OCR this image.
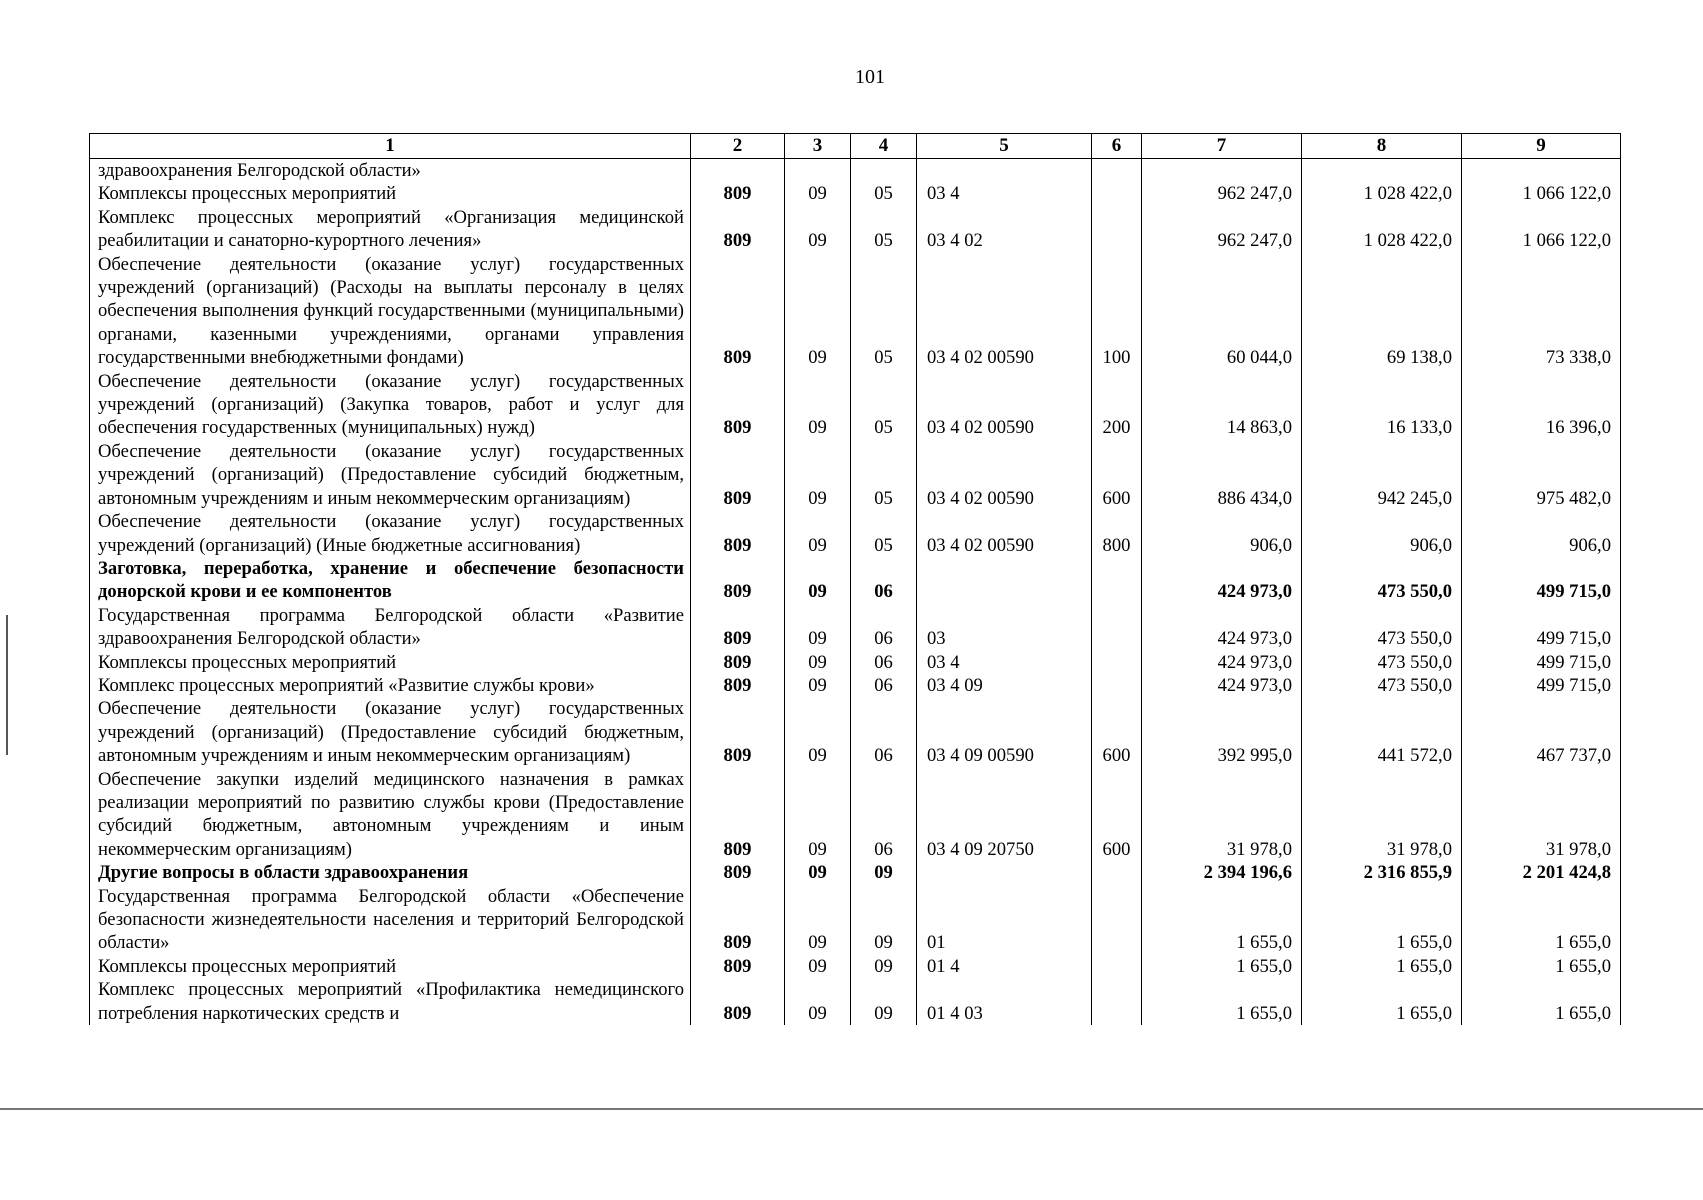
101
1	2	3	4	5	6	7	8	9
здравоохранения Белгородской области»								
Комплексы процессных мероприятий	809	09	05	03 4		962 247,0	1 028 422,0	1 066 122,0
Комплекс процессных мероприятий «Организация медицинской реабилитации и санаторно-курортного лечения»	809	09	05	03 4 02		962 247,0	1 028 422,0	1 066 122,0
Обеспечение деятельности (оказание услуг) государственных учреждений (организаций) (Расходы на выплаты персоналу в целях обеспечения выполнения функций государственными (муниципальными) органами, казенными учреждениями, органами управления государственными внебюджетными фондами)	809	09	05	03 4 02 00590	100	60 044,0	69 138,0	73 338,0
Обеспечение деятельности (оказание услуг) государственных учреждений (организаций) (Закупка товаров, работ и услуг для обеспечения государственных (муниципальных) нужд)	809	09	05	03 4 02 00590	200	14 863,0	16 133,0	16 396,0
Обеспечение деятельности (оказание услуг) государственных учреждений (организаций) (Предоставление субсидий бюджетным, автономным учреждениям и иным некоммерческим организациям)	809	09	05	03 4 02 00590	600	886 434,0	942 245,0	975 482,0
Обеспечение деятельности (оказание услуг) государственных учреждений (организаций) (Иные бюджетные ассигнования)	809	09	05	03 4 02 00590	800	906,0	906,0	906,0
Заготовка, переработка, хранение и обеспечение безопасности донорской крови и ее компонентов	809	09	06			424 973,0	473 550,0	499 715,0
Государственная программа Белгородской области «Развитие здравоохранения Белгородской области»	809	09	06	03		424 973,0	473 550,0	499 715,0
Комплексы процессных мероприятий	809	09	06	03 4		424 973,0	473 550,0	499 715,0
Комплекс процессных мероприятий «Развитие службы крови»	809	09	06	03 4 09		424 973,0	473 550,0	499 715,0
Обеспечение деятельности (оказание услуг) государственных учреждений (организаций) (Предоставление субсидий бюджетным, автономным учреждениям и иным некоммерческим организациям)	809	09	06	03 4 09 00590	600	392 995,0	441 572,0	467 737,0
Обеспечение закупки изделий медицинского назначения в рамках реализации мероприятий по развитию службы крови (Предоставление субсидий бюджетным, автономным учреждениям и иным некоммерческим организациям)	809	09	06	03 4 09 20750	600	31 978,0	31 978,0	31 978,0
Другие вопросы в области здравоохранения	809	09	09			2 394 196,6	2 316 855,9	2 201 424,8
Государственная программа Белгородской области «Обеспечение безопасности жизнедеятельности населения и территорий Белгородской области»	809	09	09	01		1 655,0	1 655,0	1 655,0
Комплексы процессных мероприятий	809	09	09	01 4		1 655,0	1 655,0	1 655,0
Комплекс процессных мероприятий «Профилактика немедицинского потребления наркотических средств и	809	09	09	01 4 03		1 655,0	1 655,0	1 655,0
